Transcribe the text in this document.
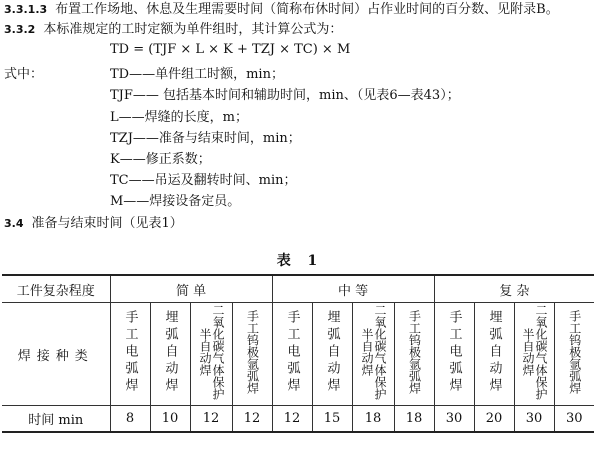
3.3.1.3 布置工作场地、休息及生理需要时间（简称布休时间）占作业时间的百分数、见附录B。
3.3.2 本标准规定的工时定额为单件组时，其计算公式为：
TD = (TJF × L × K + TZJ × TC) × M
式中：	TD——单件组工时额，min；
TJF—— 包括基本时间和辅助时间，min、（见表6—表43）；
L——焊缝的长度，m；
TZJ——准备与结束时间，min；
K——修正系数；
TC——吊运及翻转时间、min；
M——焊接设备定员。
3.4 准备与结束时间（见表1）
表 1
工件复杂程度	简 单				中 等				复 杂			
焊接种类	手工电弧焊	埋弧自动焊	二氧化碳气体保护半自动焊	手工钨极氩弧焊	手工电弧焊	埋弧自动焊	二氧化碳气体保护半自动焊	手工钨极氩弧焊	手工电弧焊	埋弧自动焊	二氧化碳气体保护半自动焊	手工钨极氩弧焊
时间 min	8	10	12	12	12	15	18	18	30	20	30	30
